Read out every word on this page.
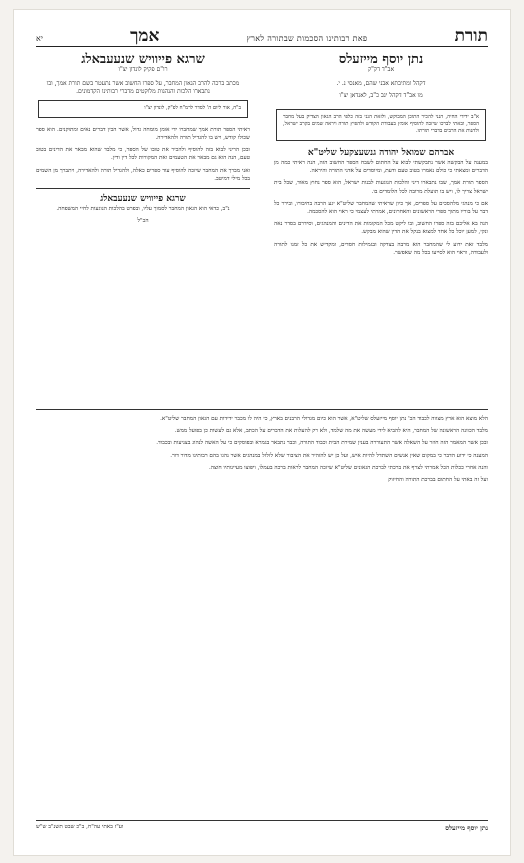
תורת
פאת רבותינו הסכמות שבתורה לארץ
אמך
יא
נתן יוסף מייזעלס
אב"ד דק"ק
דקהל ומתיבתא אבני שהם, מאנסי נ. י.
מו אב"ד דקהל יגב כ"ב, לאנדאן יצ"ו
א"ב ידידי החיה, הנני להכיר התוכן המבוקש, ולזאת הנני בזה כלפי הרב הגאון הצדיק בעל מחבר הספר, ובאתי לברכו שיזכה להוסיף אומץ בעבודת הקודש ולהפיץ תורה ויראה שמים בקרב ישראל, ולהנות את הרבים בדברי תורתו.
אברהם שמואל יהודה גנשעצקעל שליט"א

במענה על הבקשה אשר נתבקשתי לבוא על החתום לשבח הספר החשוב הזה, הנה ראיתי כמה מן הדברים ומצאתי כי כולם נאמרו בטוב טעם ודעת, ומיוסדים על אדני התורה והיראה.

הספר תורת אמך, שבו נתבארו דיני והלכות הנוגעות לבנות ישראל, הוא ספר נחוץ מאוד, שכל בית ישראל צריך לו, ויש בו תועלת מרובה לכל הלומדים בו.

אם כי מנהגי מלהסכים על ספרים, אך כיון שראיתי שהמחבר שליט"א יגע הרבה בחיבורו, ובירר כל דבר על בוריו מתוך ספרי הראשונים והאחרונים, אמרתי לעצמי כי ראוי הוא להסכמה.

הנה בא אליכם בזה ספרו החשוב, ובו ליקט מכל המקומות את הדינים והמנהגים, וסידרם בסדר נאה ונקי, למען יוכל כל אחד למצוא בנקל את הדין שהוא מבקש.

מלבד זאת ידוע לי שהמחבר הוא מרבה בצדקה ובגמילות חסדים, ומקדיש את כל זמנו לתורה ולעבודה, וראוי הוא לסייעו בכל מה שאפשר.

שרגא פייוויש שנעעבאלג
רו"ם פקיק לונדון יצ"ו
מכתב ברכה להרב הגאון המחבר, על ספרו החשוב אשר נתעטר בשם תורת אמך, ובו נתבארו הלכות והנהגות מלוקטים מדברי רבותינו הקדמונים.
ב"ה, אור ליום ה' לסדר לרמ"ח לפ"ק, לונדון יצ"ו

ראיתי הספר תורת אמך שמחברו ידי אומן מומחה גדול, אשר הכין דברים נאים ומתוקנים. הוא ספר שכולו קודש, ויש בו להגדיל תורה ולהאדירה.

ובכן הריני לבוא בזה להוסיף ולהכיר את טובו של הספר, כי מלבד שהוא מבאר את הדינים בטוב טעם, הנה הוא גם מבאר את הטעמים ואת המקורות לכל דין ודין.

ואני מברך את המחבר שיזכה להוסיף עוד ספרים כאלה, ולהגדיל תורה ולהאדירה, ויתברך מן השמים בכל מילי דמיטב.

שרגא פייוויש שנעעבאלג
נ"ב, כדאי הוא הגאון המחבר לסמוך עליו, ובפרט בהלכות הנוגעות לחיי המשפחה.
הכ"ל

הלא מוצא הוא ארץ מצווה לכבוד הכ' נתן יוסף מייזעלס שליט"א, אשר הוא כיום מגדולי הרבנים בארץ, כי היה לו מכבר ידידות עם הגאון המחבר שליט"א.

מלבד הכוונה הראשונה של המחבר, היא להביא לידי מעשה את מה שלמד, ולא רק להעלות את הדברים על הכתב, אלא גם לעשות כן בפועל ממש.

ובכן אשר המאמר הזה חוזר על השאלה אשר התעוררה בענין שמירת הבית וכבוד התורה, וכבר נתבאר בגמרא ובפוסקים כי על האשה לנהוג בצניעות ובכבוד.

המענה כי ידוע הדבר כי במקום שאין אנשים השתדל להיות איש, ועל כן יש להזהיר את הציבור שלא לזלזל במנהגים אשר נהגו בהם רבותינו מדור דור.

והנה אחרי ככלות הכל אמרתי לצרף את ברכתי לברכת הגאונים שליט"א שיזכה המחבר לראות ברכה בעמלו, ויפוצו מעיינותיו חוצה.

ועל זה באתי על החתום בברכת התורה והחיזוק

נתן יוסף מייזעלס
וע"ז באתי עה"ח, ב"כ שבט תשנ"ב ש"ש
